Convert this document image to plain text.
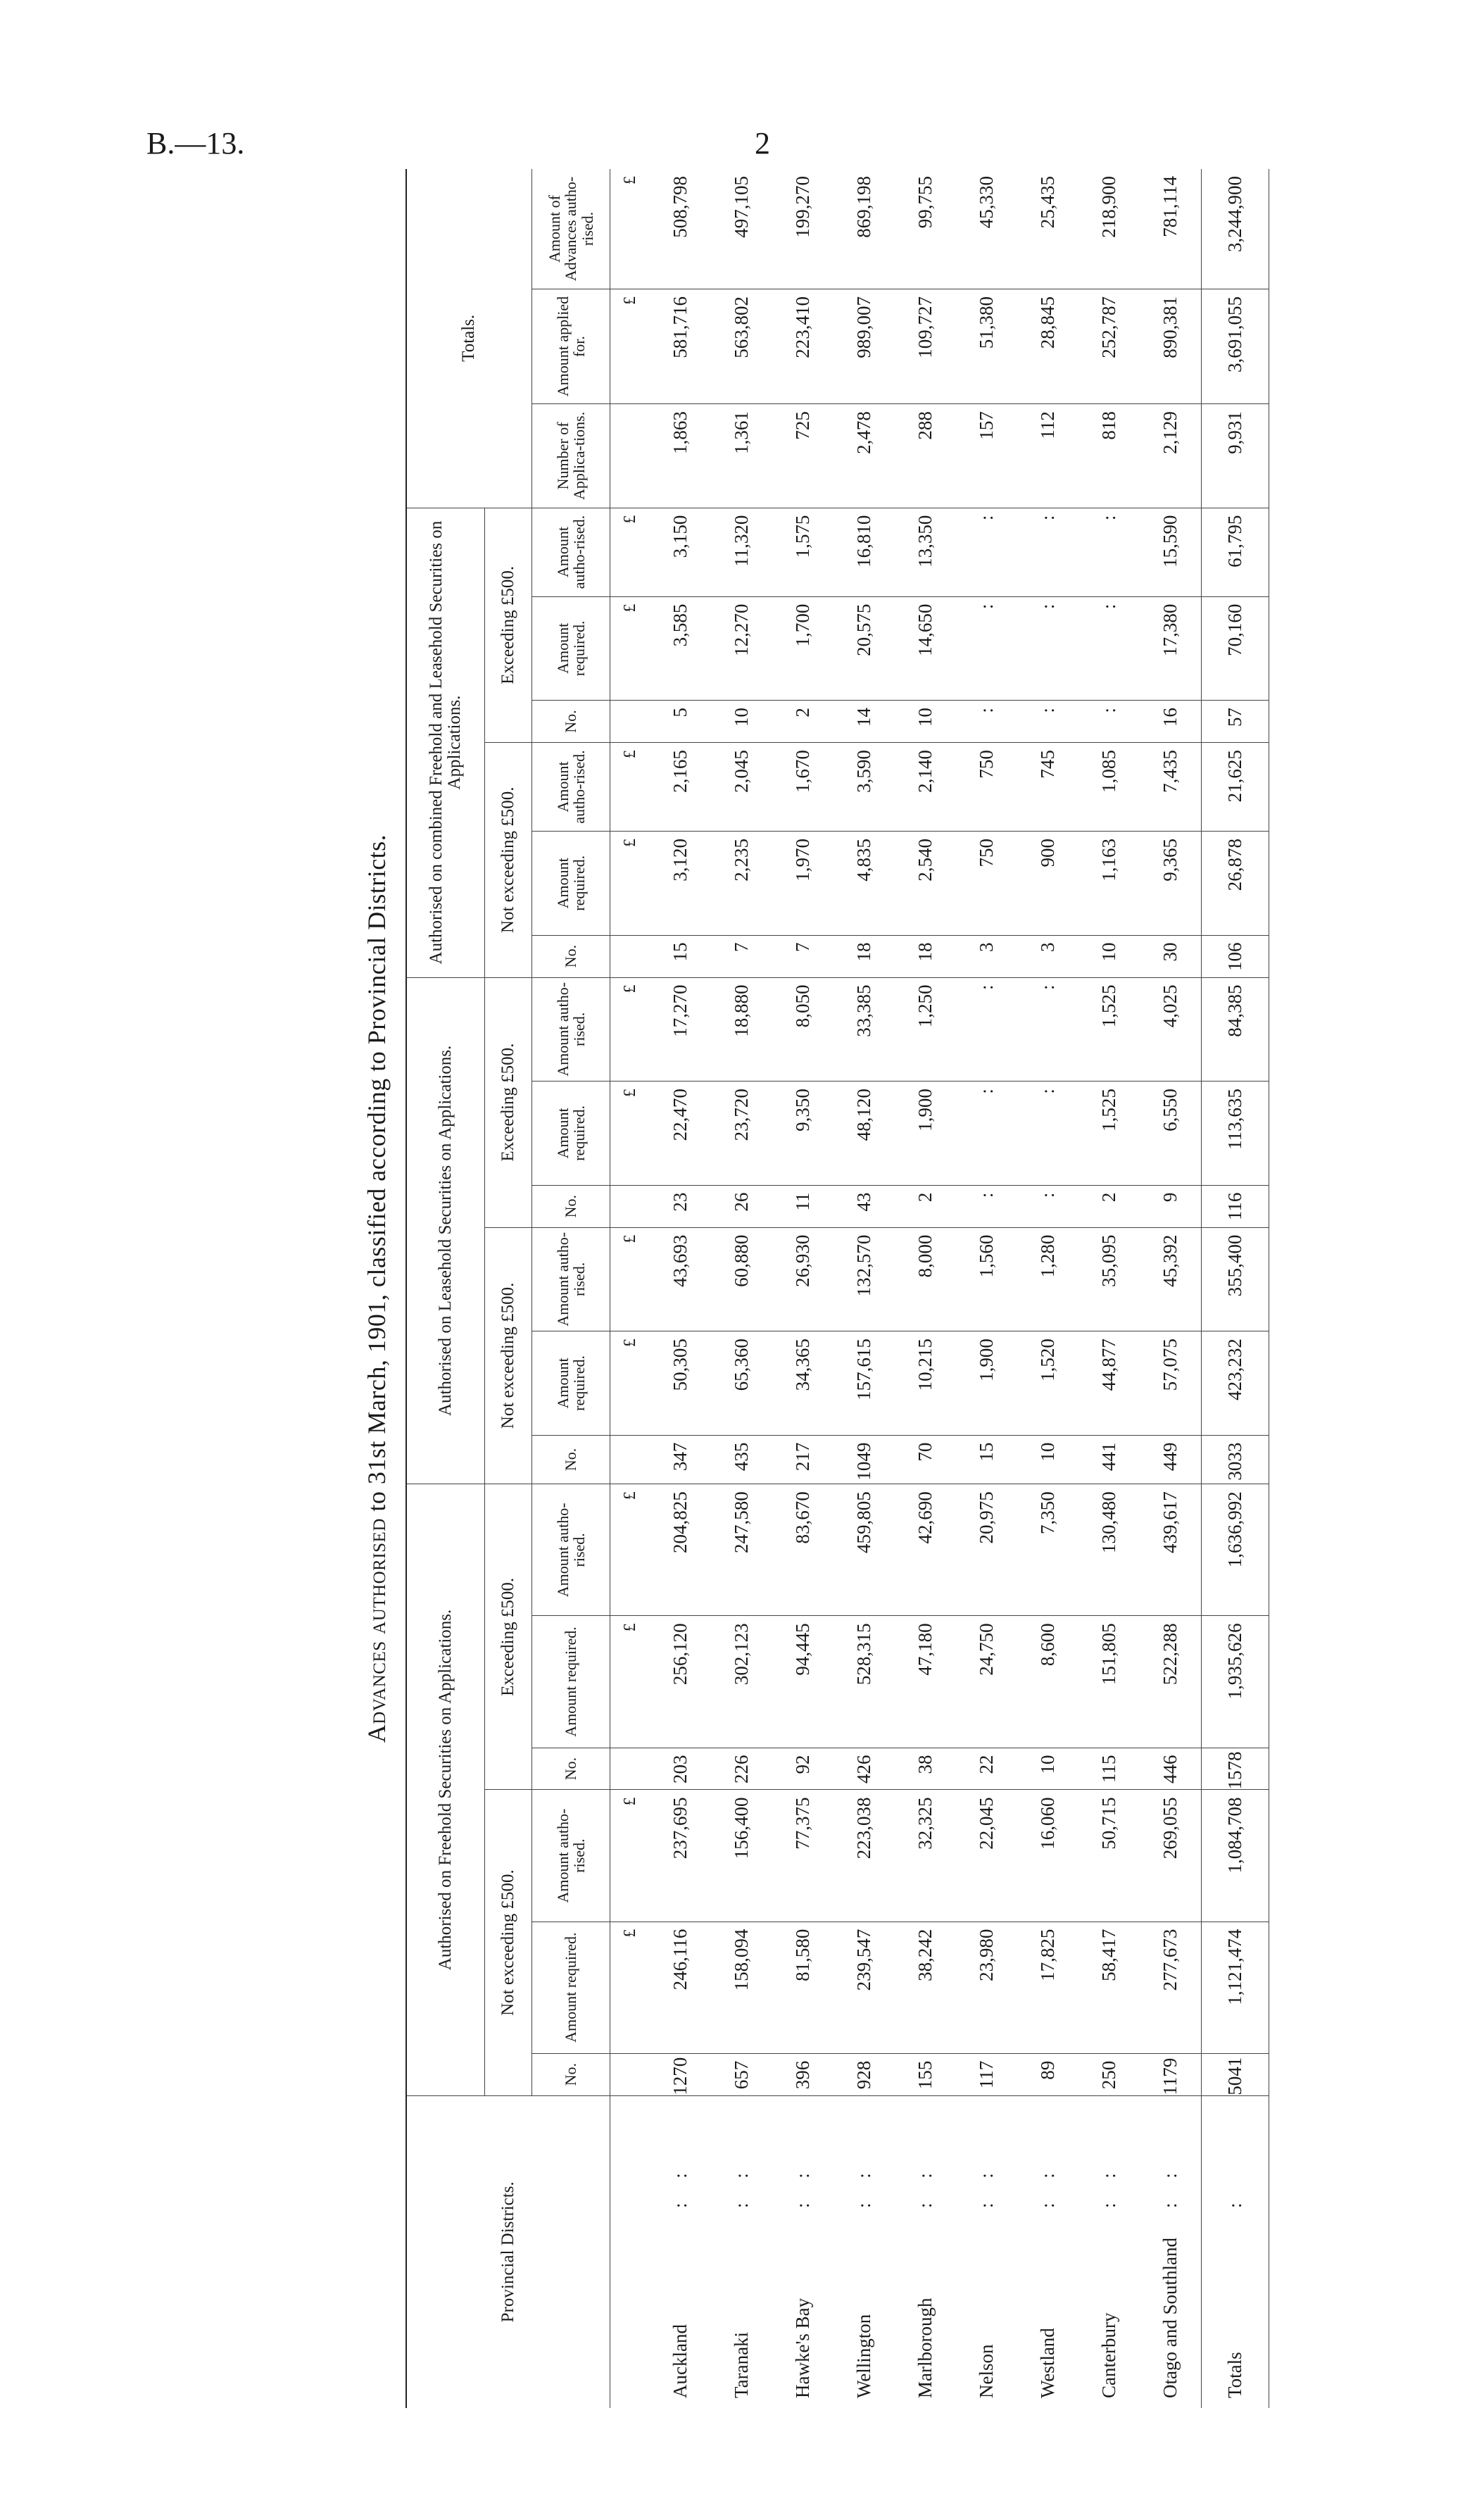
B.—13.	2
Advances authorised to 31st March, 1901, classified according to Provincial Districts.
Provincial Districts.	Authorised on Freehold Securities on Applications.						Authorised on Leasehold Securities on Applications.						Authorised on combined Freehold and Leasehold Securities on Applications.						Totals.		
	Not exceeding £500.			Exceeding £500.			Not exceeding £500.			Exceeding £500.			Not exceeding £500.			Exceeding £500.					
	No.	Amount required.	Amount autho-rised.	No.	Amount required.	Amount autho-rised.	No.	Amount required.	Amount autho-rised.	No.	Amount required.	Amount autho-rised.	No.	Amount required.	Amount autho-rised.	No.	Amount required.	Amount autho-rised.	Number of Applica-tions.	Amount applied for.	Amount of Advances autho-rised.
		£	£		£	£		£	£		£	£		£	£		£	£		£	£
Auckland: :	1270	246,116	237,695	203	256,120	204,825	347	50,305	43,693	23	22,470	17,270	15	3,120	2,165	5	3,585	3,150	1,863	581,716	508,798
Taranaki: :	657	158,094	156,400	226	302,123	247,580	435	65,360	60,880	26	23,720	18,880	7	2,235	2,045	10	12,270	11,320	1,361	563,802	497,105
Hawke's Bay: :	396	81,580	77,375	92	94,445	83,670	217	34,365	26,930	11	9,350	8,050	7	1,970	1,670	2	1,700	1,575	725	223,410	199,270
Wellington: :	928	239,547	223,038	426	528,315	459,805	1049	157,615	132,570	43	48,120	33,385	18	4,835	3,590	14	20,575	16,810	2,478	989,007	869,198
Marlborough: :	155	38,242	32,325	38	47,180	42,690	70	10,215	8,000	2	1,900	1,250	18	2,540	2,140	10	14,650	13,350	288	109,727	99,755
Nelson: :	117	23,980	22,045	22	24,750	20,975	15	1,900	1,560	:	:	:	3	750	750	:	:	:	157	51,380	45,330
Westland: :	89	17,825	16,060	10	8,600	7,350	10	1,520	1,280	:	:	:	3	900	745	:	:	:	112	28,845	25,435
Canterbury: :	250	58,417	50,715	115	151,805	130,480	441	44,877	35,095	2	1,525	1,525	10	1,163	1,085	:	:	:	818	252,787	218,900
Otago and Southland: :	1179	277,673	269,055	446	522,288	439,617	449	57,075	45,392	9	6,550	4,025	30	9,365	7,435	16	17,380	15,590	2,129	890,381	781,114
Totals:	5041	1,121,474	1,084,708	1578	1,935,626	1,636,992	3033	423,232	355,400	116	113,635	84,385	106	26,878	21,625	57	70,160	61,795	9,931	3,691,055	3,244,900
